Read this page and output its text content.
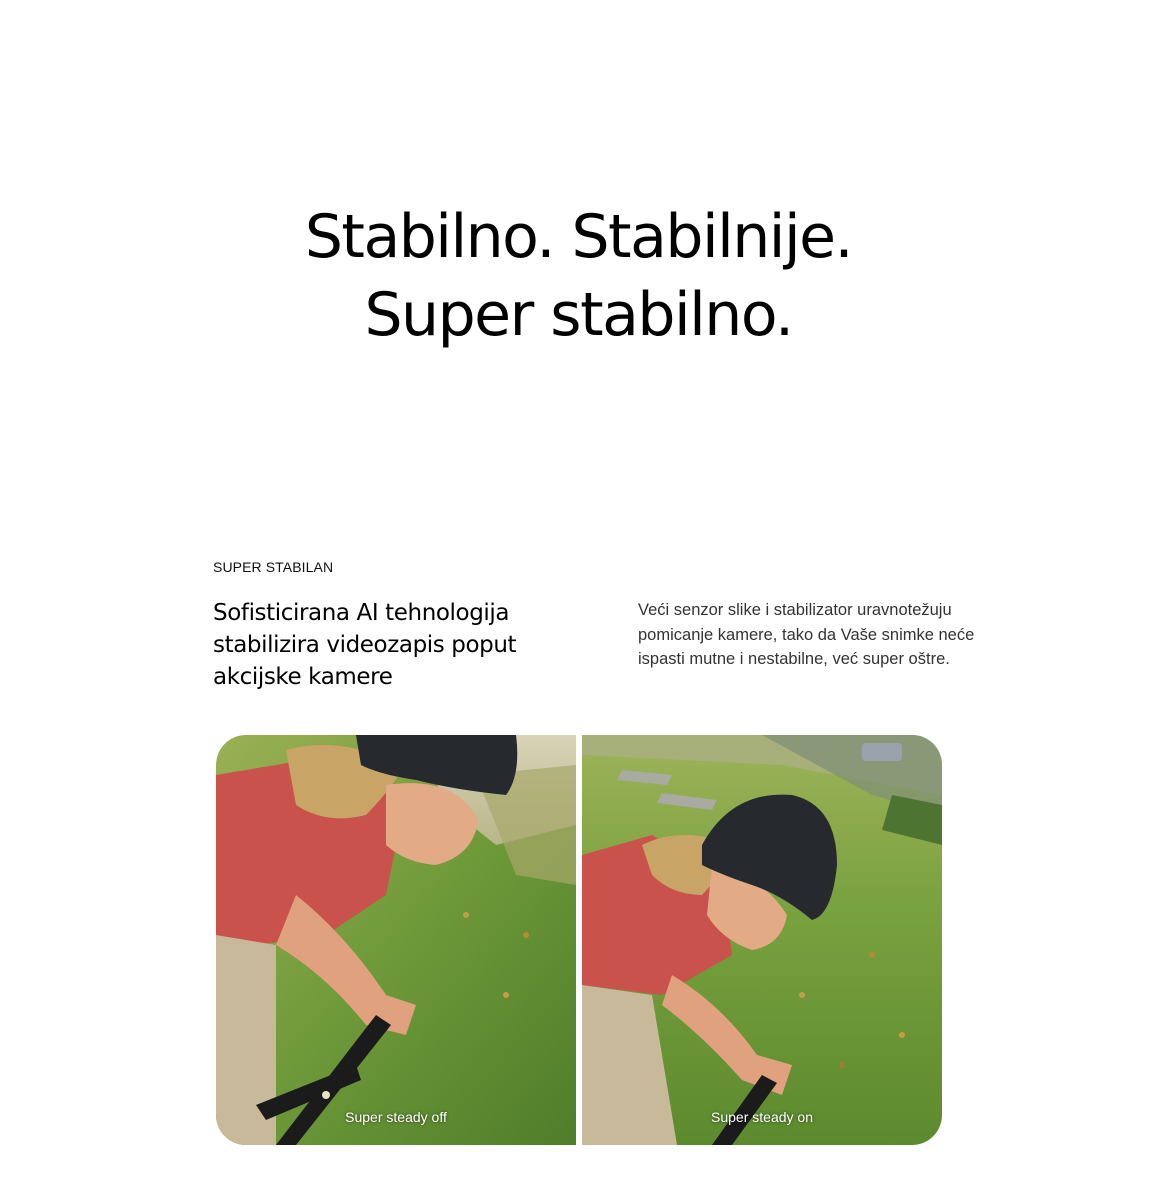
Stabilno. Stabilnije.
Super stabilno.
SUPER STABILAN
Sofisticirana AI tehnologija stabilizira videozapis poput akcijske kamere
Veći senzor slike i stabilizator uravnotežuju pomicanje kamere, tako da Vaše snimke neće ispasti mutne i nestabilne, već super oštre.
Super steady off	Super steady on
